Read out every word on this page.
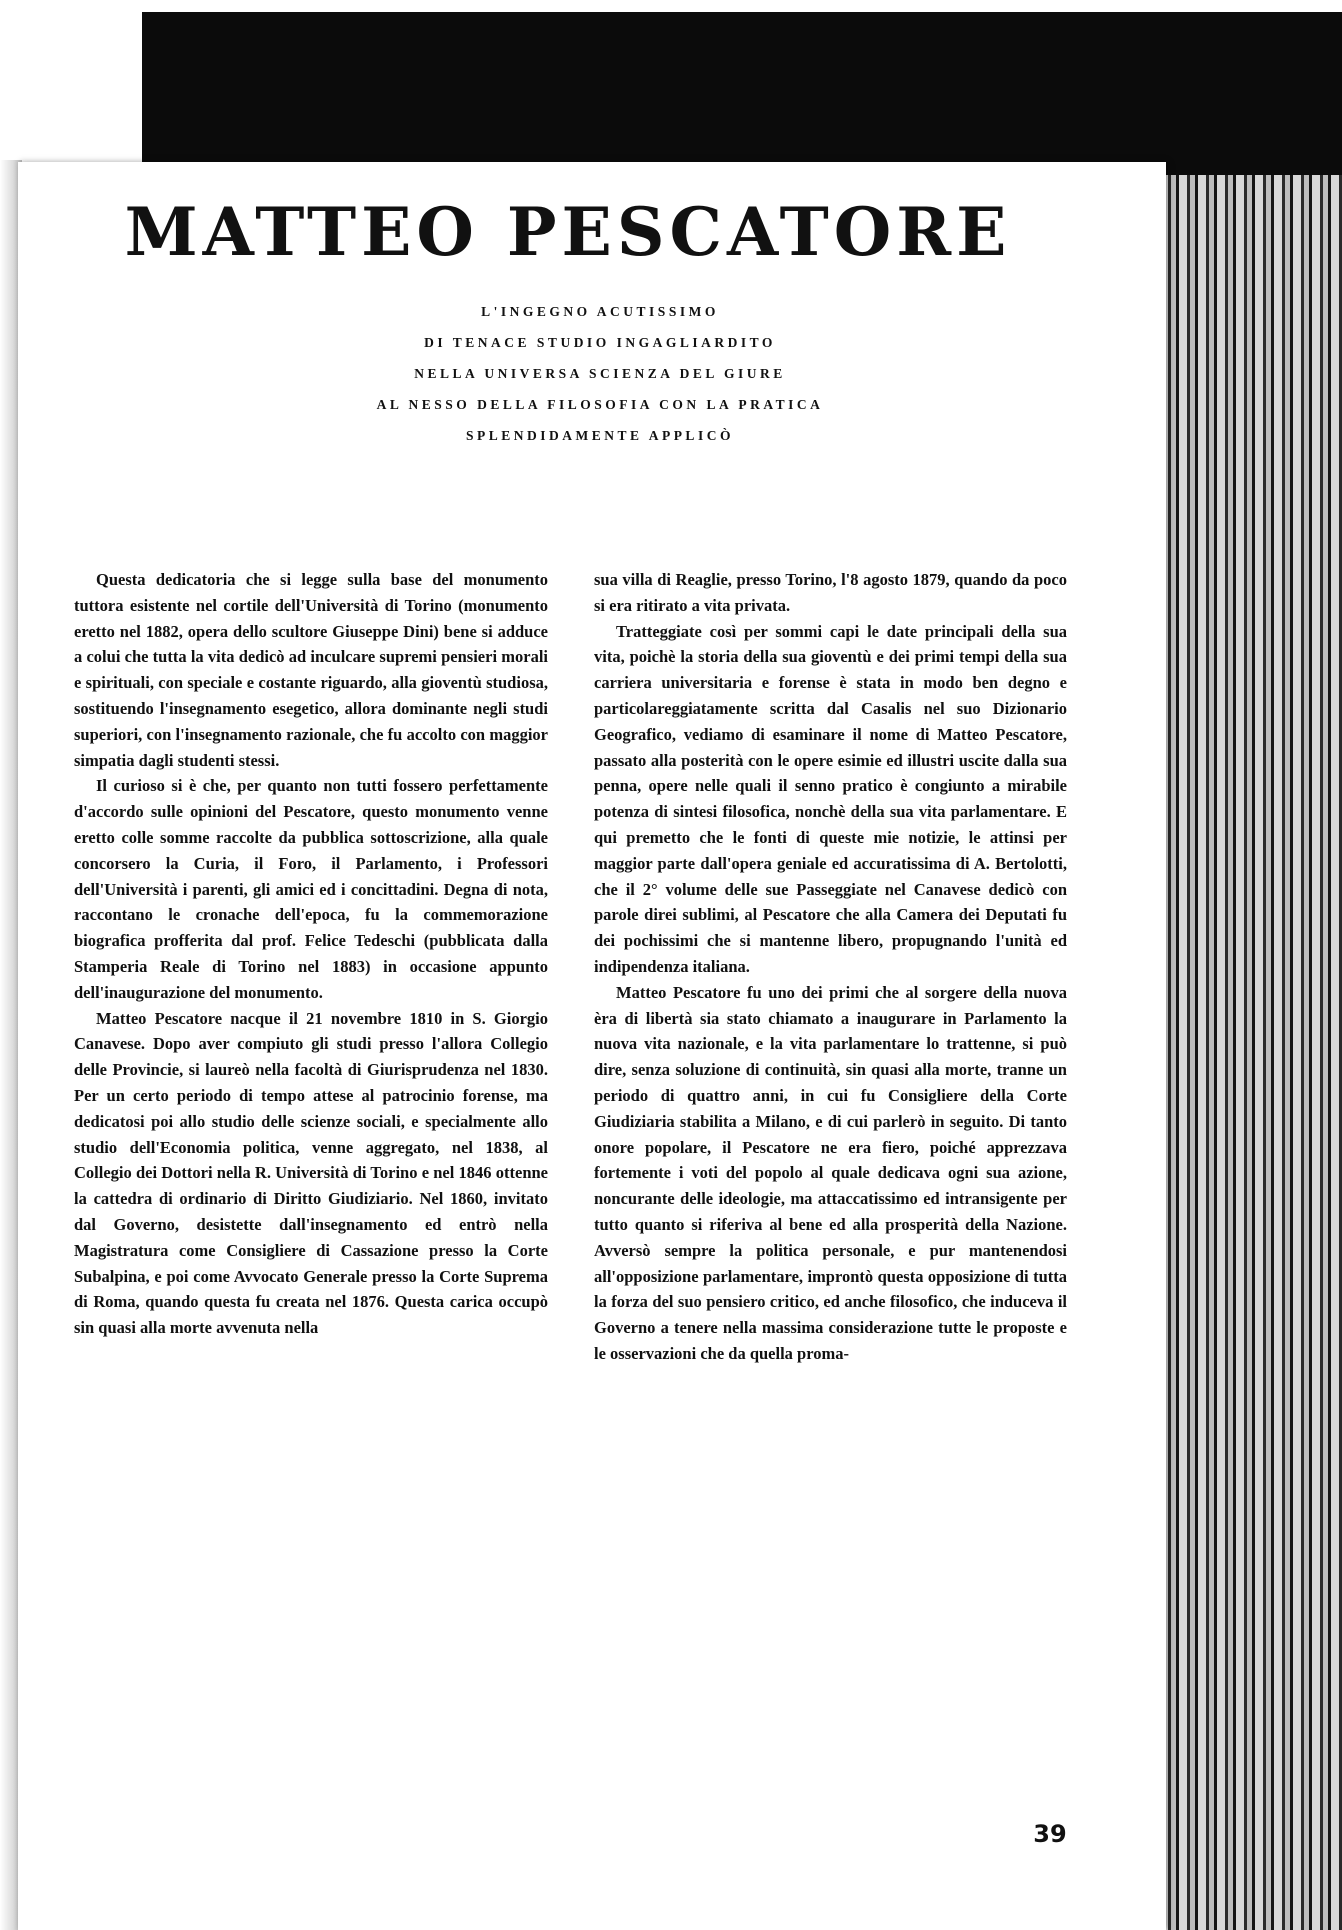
MATTEO PESCATORE
L'INGEGNO ACUTISSIMO
DI TENACE STUDIO INGAGLIARDITO
NELLA UNIVERSA SCIENZA DEL GIURE
AL NESSO DELLA FILOSOFIA CON LA PRATICA
SPLENDIDAMENTE APPLICÒ

Questa dedicatoria che si legge sulla base del monumento tuttora esistente nel cortile dell'Università di Torino (monumento eretto nel 1882, opera dello scultore Giuseppe Dini) bene si adduce a colui che tutta la vita dedicò ad inculcare supremi pensieri morali e spirituali, con speciale e costante riguardo, alla gioventù studiosa, sostituendo l'insegnamento esegetico, allora dominante negli studi superiori, con l'insegnamento razionale, che fu accolto con maggior simpatia dagli studenti stessi.

Il curioso si è che, per quanto non tutti fossero perfettamente d'accordo sulle opinioni del Pescatore, questo monumento venne eretto colle somme raccolte da pubblica sottoscrizione, alla quale concorsero la Curia, il Foro, il Parlamento, i Professori dell'Università i parenti, gli amici ed i concittadini. Degna di nota, raccontano le cronache dell'epoca, fu la commemorazione biografica profferita dal prof. Felice Tedeschi (pubblicata dalla Stamperia Reale di Torino nel 1883) in occasione appunto dell'inaugurazione del monumento.

Matteo Pescatore nacque il 21 novembre 1810 in S. Giorgio Canavese. Dopo aver compiuto gli studi presso l'allora Collegio delle Provincie, si laureò nella facoltà di Giurisprudenza nel 1830. Per un certo periodo di tempo attese al patrocinio forense, ma dedicatosi poi allo studio delle scienze sociali, e specialmente allo studio dell'Economia politica, venne aggregato, nel 1838, al Collegio dei Dottori nella R. Università di Torino e nel 1846 ottenne la cattedra di ordinario di Diritto Giudiziario. Nel 1860, invitato dal Governo, desistette dall'insegnamento ed entrò nella Magistratura come Consigliere di Cassazione presso la Corte Subalpina, e poi come Avvocato Generale presso la Corte Suprema di Roma, quando questa fu creata nel 1876. Questa carica occupò sin quasi alla morte avvenuta nella

sua villa di Reaglie, presso Torino, l'8 agosto 1879, quando da poco si era ritirato a vita privata.

Tratteggiate così per sommi capi le date principali della sua vita, poichè la storia della sua gioventù e dei primi tempi della sua carriera universitaria e forense è stata in modo ben degno e particolareggiatamente scritta dal Casalis nel suo Dizionario Geografico, vediamo di esaminare il nome di Matteo Pescatore, passato alla posterità con le opere esimie ed illustri uscite dalla sua penna, opere nelle quali il senno pratico è congiunto a mirabile potenza di sintesi filosofica, nonchè della sua vita parlamentare. E qui premetto che le fonti di queste mie notizie, le attinsi per maggior parte dall'opera geniale ed accuratissima di A. Bertolotti, che il 2° volume delle sue Passeggiate nel Canavese dedicò con parole direi sublimi, al Pescatore che alla Camera dei Deputati fu dei pochissimi che si mantenne libero, propugnando l'unità ed indipendenza italiana.

Matteo Pescatore fu uno dei primi che al sorgere della nuova èra di libertà sia stato chiamato a inaugurare in Parlamento la nuova vita nazionale, e la vita parlamentare lo trattenne, si può dire, senza soluzione di continuità, sin quasi alla morte, tranne un periodo di quattro anni, in cui fu Consigliere della Corte Giudiziaria stabilita a Milano, e di cui parlerò in seguito. Di tanto onore popolare, il Pescatore ne era fiero, poiché apprezzava fortemente i voti del popolo al quale dedicava ogni sua azione, noncurante delle ideologie, ma attaccatissimo ed intransigente per tutto quanto si riferiva al bene ed alla prosperità della Nazione. Avversò sempre la politica personale, e pur mantenendosi all'opposizione parlamentare, improntò questa opposizione di tutta la forza del suo pensiero critico, ed anche filosofico, che induceva il Governo a tenere nella massima considerazione tutte le proposte e le osservazioni che da quella proma-

39
